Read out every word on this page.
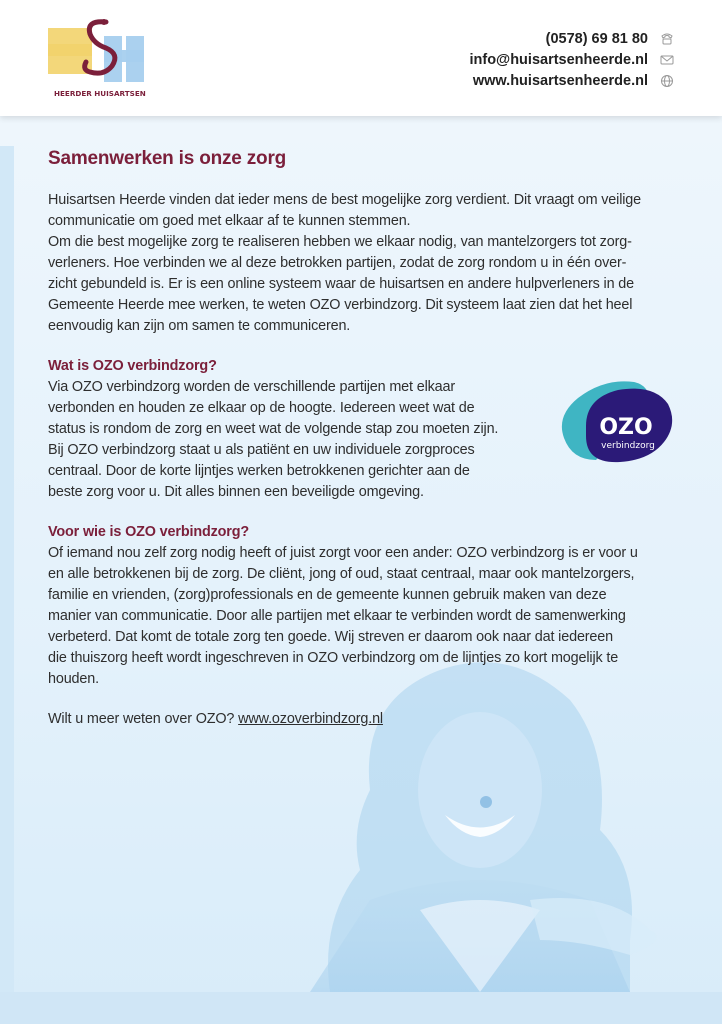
HEERDER HUISARTSEN
(0578) 69 81 80
info@huisartsenheerde.nl
www.huisartsenheerde.nl
Samenwerken is onze zorg

Huisartsen Heerde vinden dat ieder mens de best mogelijke zorg verdient. Dit vraagt om veilige

communicatie om goed met elkaar af te kunnen stemmen.

Om die best mogelijke zorg te realiseren hebben we elkaar nodig, van mantelzorgers tot zorg-

verleners. Hoe verbinden we al deze betrokken partijen, zodat de zorg rondom u in één over-

zicht gebundeld is. Er is een online systeem waar de huisartsen en andere hulpverleners in de

Gemeente Heerde mee werken, te weten OZO verbindzorg. Dit systeem laat zien dat het heel

eenvoudig kan zijn om samen te communiceren.

Wat is OZO verbindzorg?

Via OZO verbindzorg worden de verschillende partijen met elkaar

verbonden en houden ze elkaar op de hoogte. Iedereen weet wat de

status is rondom de zorg en weet wat de volgende stap zou moeten zijn.

Bij OZO verbindzorg staat u als patiënt en uw individuele zorgproces

centraal. Door de korte lijntjes werken betrokkenen gerichter aan de

beste zorg voor u. Dit alles binnen een beveiligde omgeving.

OZO
verbindzorg

Voor wie is OZO verbindzorg?

Of iemand nou zelf zorg nodig heeft of juist zorgt voor een ander: OZO verbindzorg is er voor u

en alle betrokkenen bij de zorg. De cliënt, jong of oud, staat centraal, maar ook mantelzorgers,

familie en vrienden, (zorg)professionals en de gemeente kunnen gebruik maken van deze

manier van communicatie. Door alle partijen met elkaar te verbinden wordt de samenwerking

verbeterd. Dat komt de totale zorg ten goede. Wij streven er daarom ook naar dat iedereen

die thuiszorg heeft wordt ingeschreven in OZO verbindzorg om de lijntjes zo kort mogelijk te

houden.

Wilt u meer weten over OZO? www.ozoverbindzorg.nl
